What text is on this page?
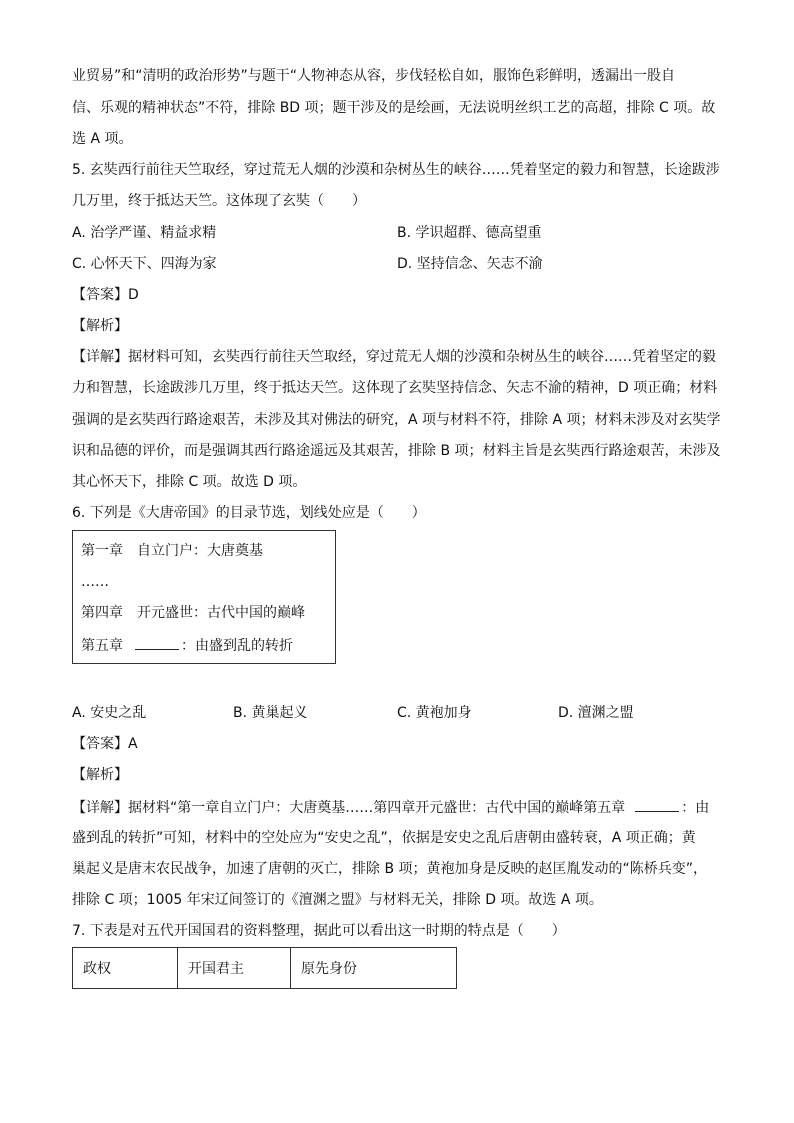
业贸易”和“清明的政治形势”与题干“人物神态从容，步伐轻松自如，服饰色彩鲜明，透漏出一股自
信、乐观的精神状态”不符，排除 BD 项；题干涉及的是绘画，无法说明丝织工艺的高超，排除 C 项。故
选 A 项。
5. 玄奘西行前往天竺取经，穿过荒无人烟的沙漠和杂树丛生的峡谷……凭着坚定的毅力和智慧，长途跋涉
几万里，终于抵达天竺。这体现了玄奘（　　）
A. 治学严谨、精益求精	B. 学识超群、德高望重
C. 心怀天下、四海为家	D. 坚持信念、矢志不渝
【答案】D
【解析】
【详解】据材料可知，玄奘西行前往天竺取经，穿过荒无人烟的沙漠和杂树丛生的峡谷……凭着坚定的毅
力和智慧，长途跋涉几万里，终于抵达天竺。这体现了玄奘坚持信念、矢志不渝的精神，D 项正确；材料
强调的是玄奘西行路途艰苦，未涉及其对佛法的研究，A 项与材料不符，排除 A 项；材料未涉及对玄奘学
识和品德的评价，而是强调其西行路途遥远及其艰苦，排除 B 项；材料主旨是玄奘西行路途艰苦，未涉及
其心怀天下，排除 C 项。故选 D 项。
6. 下列是《大唐帝国》的目录节选，划线处应是（　　）
第一章　自立门户：大唐奠基
……
第四章　开元盛世：古代中国的巅峰
第五章	：由盛到乱的转折
A. 安史之乱	B. 黄巢起义	C. 黄袍加身	D. 澶渊之盟
【答案】A
【解析】
【详解】据材料“第一章自立门户：大唐奠基……第四章开元盛世：古代中国的巅峰第五章	：由
盛到乱的转折”可知，材料中的空处应为“安史之乱”，依据是安史之乱后唐朝由盛转衰，A 项正确；黄
巢起义是唐末农民战争，加速了唐朝的灭亡，排除 B 项；黄袍加身是反映的赵匡胤发动的“陈桥兵变”，
排除 C 项；1005 年宋辽间签订的《澶渊之盟》与材料无关，排除 D 项。故选 A 项。
7. 下表是对五代开国国君的资料整理，据此可以看出这一时期的特点是（　　）
政权	开国君主	原先身份
